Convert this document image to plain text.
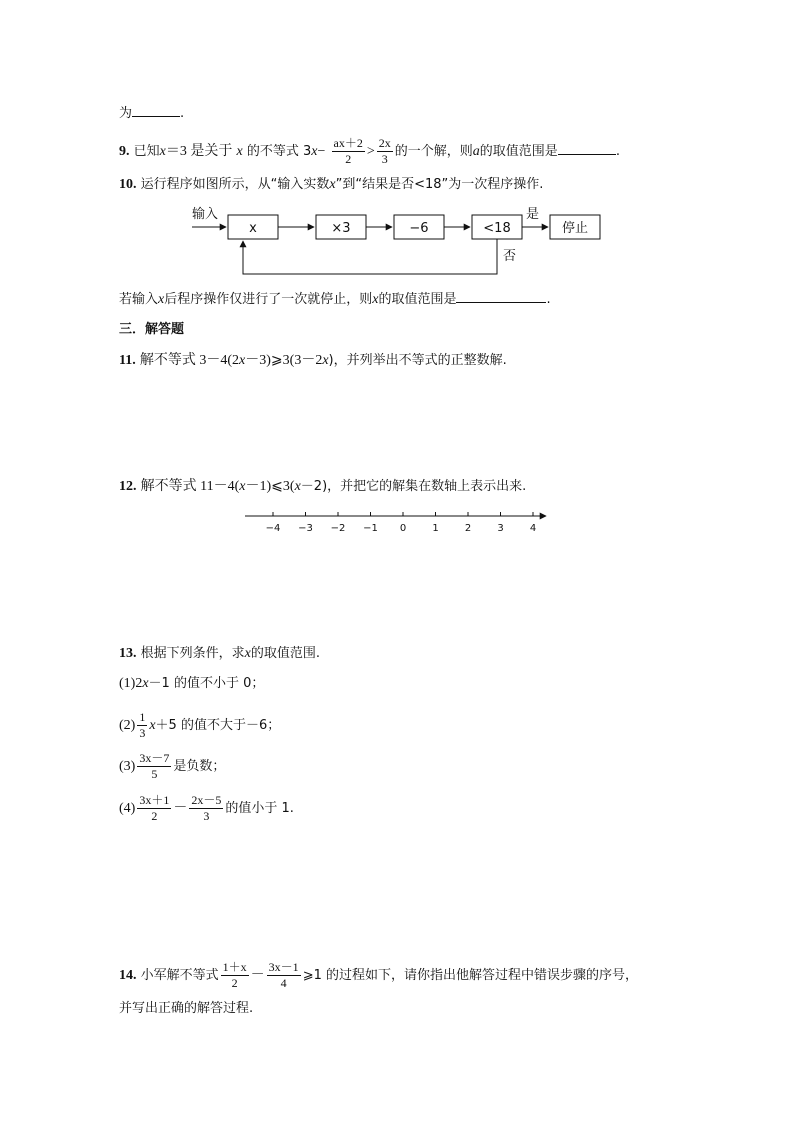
为	.
9. 已知x＝3 是关于 x 的不等式 $3x- \frac{ax+2}{2} > \frac{2x}{3}$ 的一个解，则a的取值范围是	.
10. 运行程序如图所示，从“输入实数x”到“结果是否<18”为一次程序操作.
输入
x	×3	−6	<18
是
停止
否
若输入x后程序操作仅进行了一次就停止，则x的取值范围是	.
三．解答题
11. 解不等式 3－4(2x－3)⩾3(3－2x)，并列举出不等式的正整数解.
12. 解不等式 11－4(x－1)⩽3(x－2)，并把它的解集在数轴上表示出来.
−4 −3 −2 −1 0	1	2	3	4
13. 根据下列条件，求x的取值范围.
(1)2x－1 的值不小于 0；
$(2) \frac{1}{3} x+5$ 的值不大于－6；
$(3) \frac{3x-7}{5}$ 是负数；
$(4) \frac{3x+1}{2} - \frac{2x-5}{3}$ 的值小于 1.
14. 小军解不等式 $\frac{1+x}{2} - \frac{3x-1}{4}$ ⩾1 的过程如下，请你指出他解答过程中错误步骤的序号，
并写出正确的解答过程.
